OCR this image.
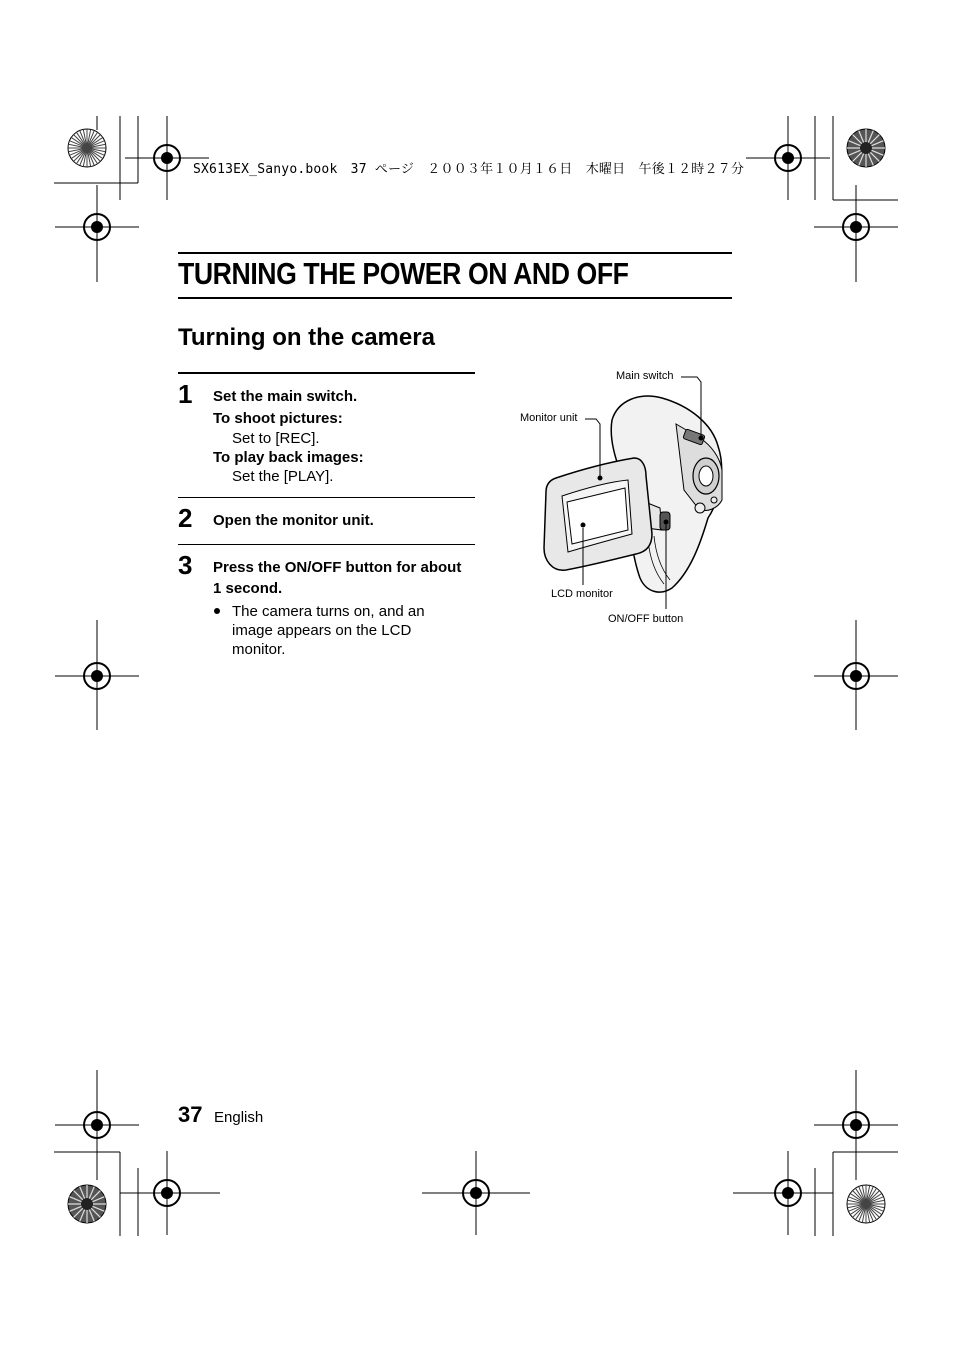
SX613EX_Sanyo.book　37 ページ　２００３年１０月１６日　木曜日　午後１２時２７分
TURNING THE POWER ON AND OFF
Turning on the camera
1 Set the main switch.
To shoot pictures:
Set to [REC].
To play back images:
Set the [PLAY].
2 Open the monitor unit.
3 Press the ON/OFF button for about
1 second.
The camera turns on, and an
image appears on the LCD
monitor.
Main switch
Monitor unit
LCD monitor
ON/OFF button
37 English
